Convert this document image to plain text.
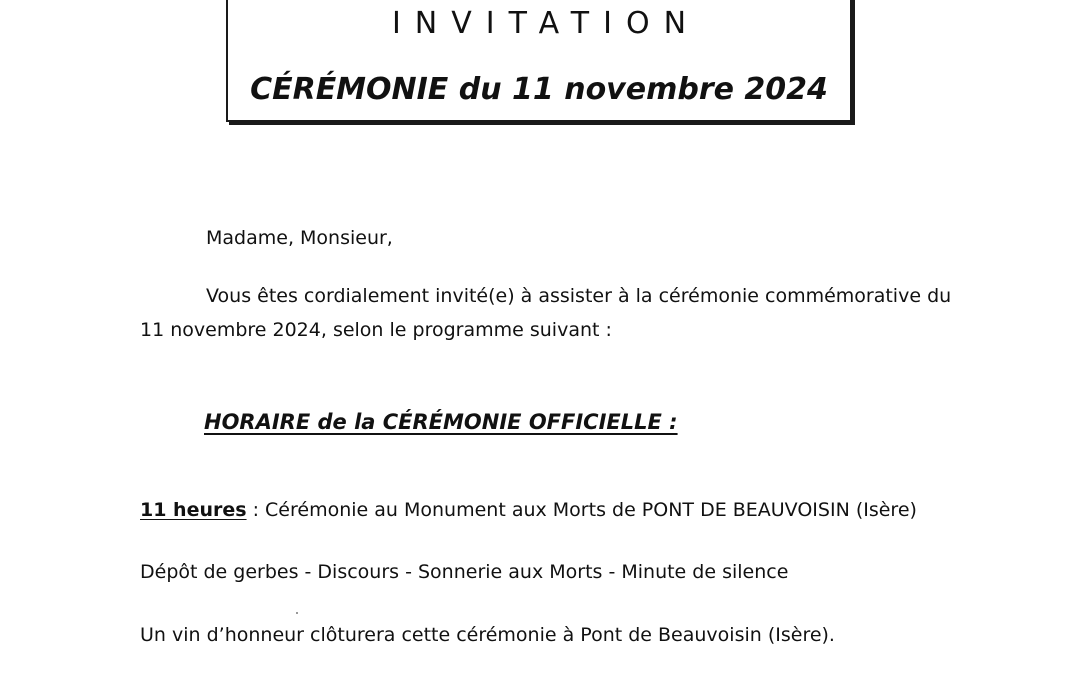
INVITATION
CÉRÉMONIE du 11 novembre 2024
Madame, Monsieur,
Vous êtes cordialement invité(e) à assister à la cérémonie commémorative du
11 novembre 2024, selon le programme suivant :
HORAIRE de la CÉRÉMONIE OFFICIELLE :
11 heures : Cérémonie au Monument aux Morts de PONT DE BEAUVOISIN (Isère)
Dépôt de gerbes - Discours - Sonnerie aux Morts - Minute de silence
Un vin d’honneur clôturera cette cérémonie à Pont de Beauvoisin (Isère).
